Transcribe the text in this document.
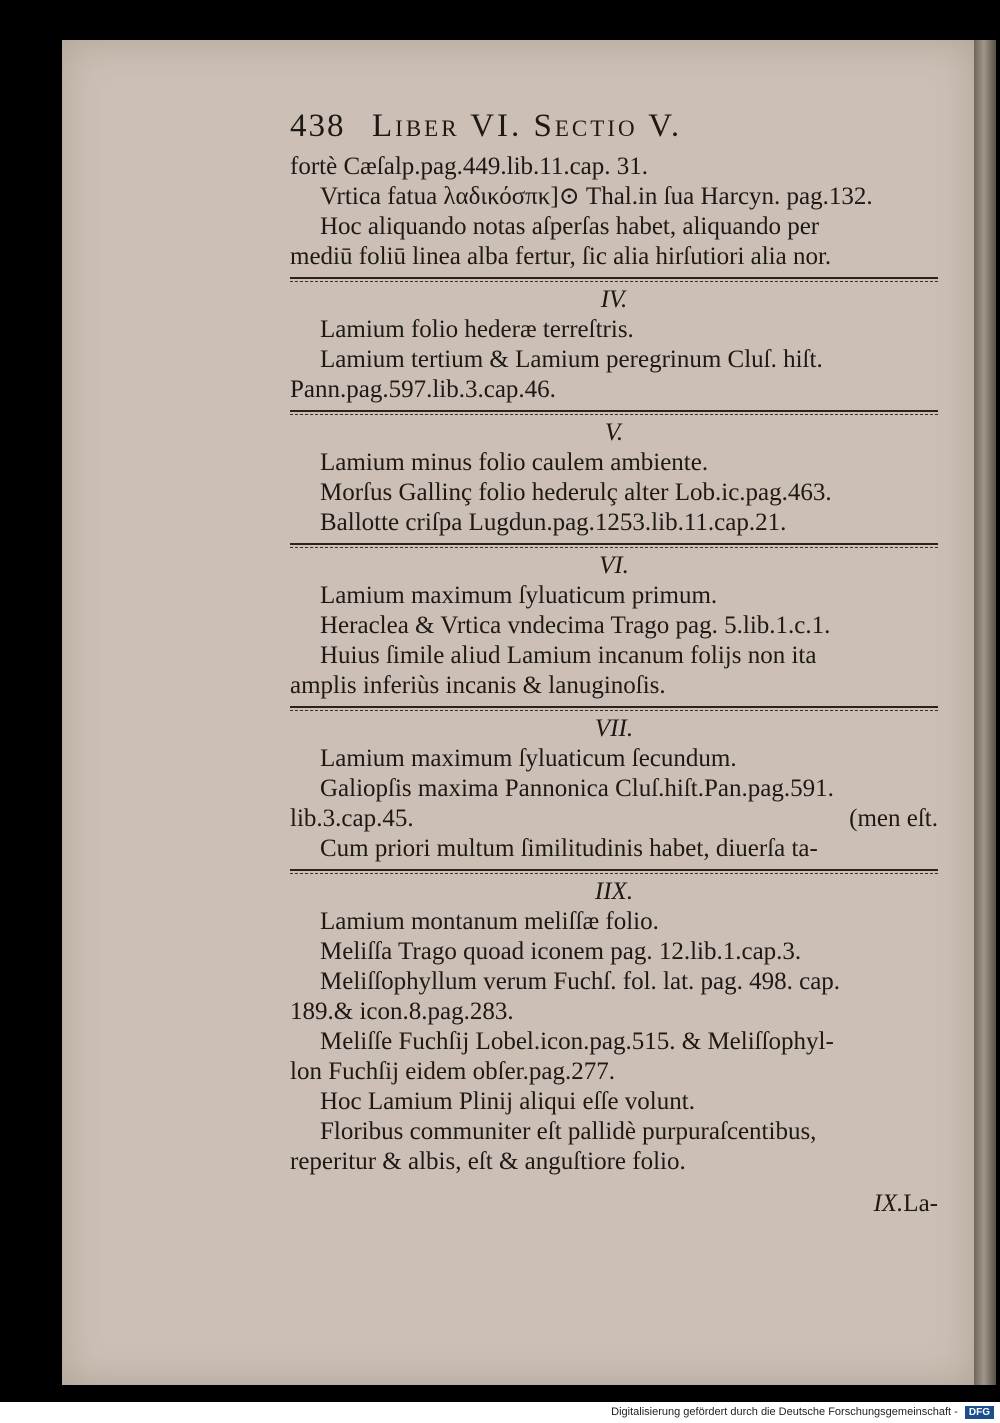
438 Liber VI. Sectio V.
fortè Cæſalp.pag.449.lib.11.cap. 31.
Vrtica fatua λαδικόσπκ]⊙ Thal.in ſua Harcyn. pag.132.
Hoc aliquando notas aſperſas habet, aliquando per
mediū foliū linea alba fertur, ſic alia hirſutiori alia nor.
IV.
Lamium folio hederæ terreſtris.
Lamium tertium & Lamium peregrinum Cluſ. hiſt.
Pann.pag.597.lib.3.cap.46.
V.
Lamium minus folio caulem ambiente.
Morſus Gallinç folio hederulç alter Lob.ic.pag.463.
Ballotte criſpa Lugdun.pag.1253.lib.11.cap.21.
VI.
Lamium maximum ſyluaticum primum.
Heraclea & Vrtica vndecima Trago pag. 5.lib.1.c.1.
Huius ſimile aliud Lamium incanum folijs non ita
amplis inferiùs incanis & lanuginoſis.
VII.
Lamium maximum ſyluaticum ſecundum.
Galiopſis maxima Pannonica Cluſ.hiſt.Pan.pag.591.
lib.3.cap.45.	(men eſt.
Cum priori multum ſimilitudinis habet, diuerſa ta-
IIX.
Lamium montanum meliſſæ folio.
Meliſſa Trago quoad iconem pag. 12.lib.1.cap.3.
Meliſſophyllum verum Fuchſ. fol. lat. pag. 498. cap.
189.& icon.8.pag.283.
Meliſſe Fuchſij Lobel.icon.pag.515. & Meliſſophyl-
lon Fuchſij eidem obſer.pag.277.
Hoc Lamium Plinij aliqui eſſe volunt.
Floribus communiter eſt pallidè purpuraſcentibus,
reperitur & albis, eſt & anguſtiore folio.
IX.La-
Digitalisierung gefördert durch die Deutsche Forschungsgemeinschaft - DFG
